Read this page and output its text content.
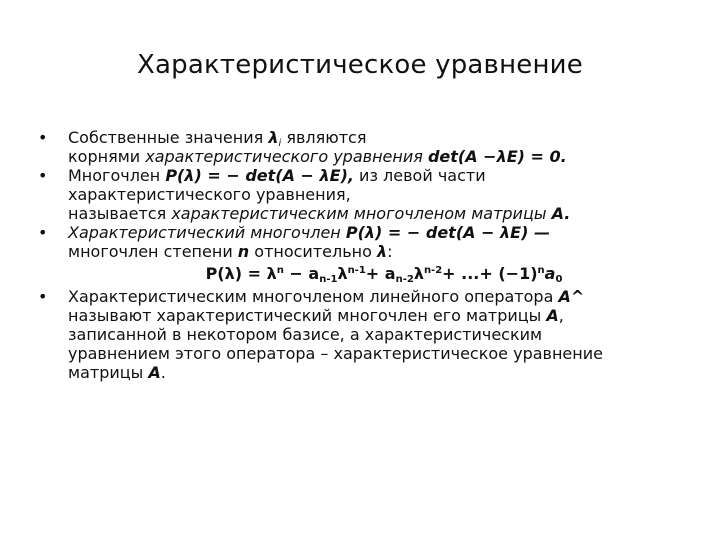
Характеристическое уравнение
• Собственные значения $\lambda_i$ являются
корнями характеристического уравнения det(A −λE) = 0.
• Многочлен P(λ) = − det(A − λE), из левой части
характеристического уравнения,
называется характеристическим многочленом матрицы A.
• Характеристический многочлен P(λ) = − det(A − λE) —
многочлен степени n относительно λ:
$P(\lambda) = \lambda^n - a_{n-1}\lambda^{n-1}+ a_{n-2}\lambda^{n-2}+$ ...+ $(-1)^na_0$
• Характеристическим многочленом линейного оператора A^
называют характеристический многочлен его матрицы A,
записанной в некотором базисе, а характеристическим
уравнением этого оператора – характеристическое уравнение
матрицы A.
